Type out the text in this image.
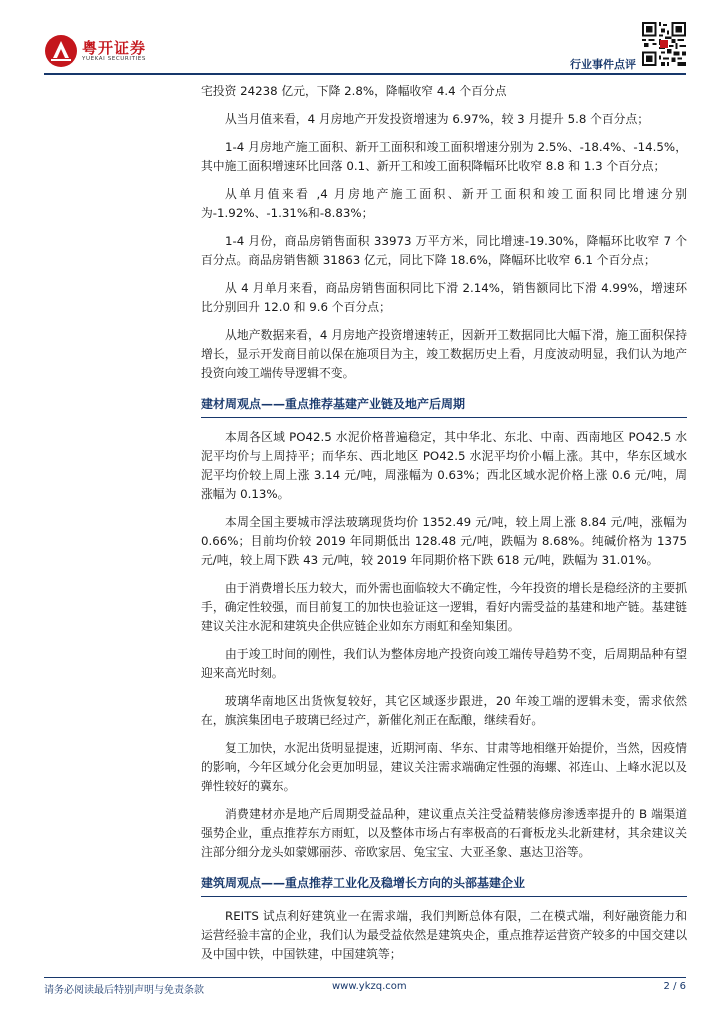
粤开证券
YUEKAI SECURITIES	行业事件点评

宅投资 24238 亿元，下降 2.8%，降幅收窄 4.4 个百分点

从当月值来看，4 月房地产开发投资增速为 6.97%，较 3 月提升 5.8 个百分点；

1-4 月房地产施工面积、新开工面积和竣工面积增速分别为 2.5%、-18.4%、-14.5%，其中施工面积增速环比回落 0.1、新开工和竣工面积降幅环比收窄 8.8 和 1.3 个百分点；

从单月值来看 ,4 月房地产施工面积、新开工面积和竣工面积同比增速分别为-1.92%、-1.31%和-8.83%；

1-4 月份，商品房销售面积 33973 万平方米，同比增速-19.30%，降幅环比收窄 7 个百分点。商品房销售额 31863 亿元，同比下降 18.6%，降幅环比收窄 6.1 个百分点；

从 4 月单月来看，商品房销售面积同比下滑 2.14%，销售额同比下滑 4.99%，增速环比分别回升 12.0 和 9.6 个百分点；

从地产数据来看，4 月房地产投资增速转正，因新开工数据同比大幅下滑，施工面积保持增长，显示开发商目前以保在施项目为主，竣工数据历史上看，月度波动明显，我们认为地产投资向竣工端传导逻辑不变。

建材周观点——重点推荐基建产业链及地产后周期

本周各区域 PO42.5 水泥价格普遍稳定，其中华北、东北、中南、西南地区 PO42.5 水泥平均价与上周持平；而华东、西北地区 PO42.5 水泥平均价小幅上涨。其中，华东区域水泥平均价较上周上涨 3.14 元/吨，周涨幅为 0.63%；西北区域水泥价格上涨 0.6 元/吨，周涨幅为 0.13%。

本周全国主要城市浮法玻璃现货均价 1352.49 元/吨，较上周上涨 8.84 元/吨，涨幅为 0.66%；目前均价较 2019 年同期低出 128.48 元/吨，跌幅为 8.68%。纯碱价格为 1375 元/吨，较上周下跌 43 元/吨，较 2019 年同期价格下跌 618 元/吨，跌幅为 31.01%。

由于消费增长压力较大，而外需也面临较大不确定性，今年投资的增长是稳经济的主要抓手，确定性较强，而目前复工的加快也验证这一逻辑，看好内需受益的基建和地产链。基建链建议关注水泥和建筑央企供应链企业如东方雨虹和垒知集团。

由于竣工时间的刚性，我们认为整体房地产投资向竣工端传导趋势不变，后周期品种有望迎来高光时刻。

玻璃华南地区出货恢复较好，其它区域逐步跟进，20 年竣工端的逻辑未变，需求依然在，旗滨集团电子玻璃已经过产，新催化剂正在酝酿，继续看好。

复工加快，水泥出货明显提速，近期河南、华东、甘肃等地相继开始提价，当然，因疫情的影响，今年区域分化会更加明显，建议关注需求端确定性强的海螺、祁连山、上峰水泥以及弹性较好的冀东。

消费建材亦是地产后周期受益品种，建议重点关注受益精装修房渗透率提升的 B 端渠道强势企业，重点推荐东方雨虹，以及整体市场占有率极高的石膏板龙头北新建材，其余建议关注部分细分龙头如蒙娜丽莎、帝欧家居、兔宝宝、大亚圣象、惠达卫浴等。

建筑周观点——重点推荐工业化及稳增长方向的头部基建企业

REITS 试点利好建筑业一在需求端，我们判断总体有限，二在模式端，利好融资能力和运营经验丰富的企业，我们认为最受益依然是建筑央企，重点推荐运营资产较多的中国交建以及中国中铁，中国铁建，中国建筑等；

请务必阅读最后特别声明与免责条款	www.ykzq.com	2 / 6
